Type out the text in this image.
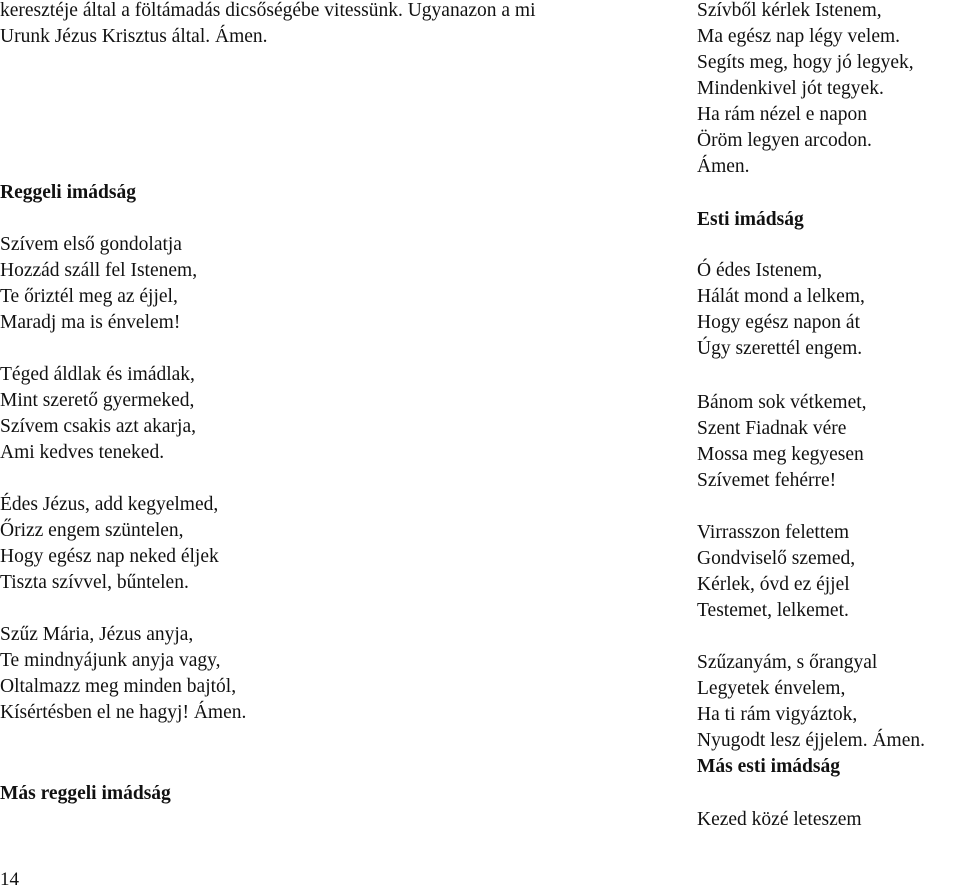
keresztéje által a föltámadás dicsőségébe vitessünk. Ugyanazon a mi
Urunk Jézus Krisztus által. Ámen.
Reggeli imádság
Szívem első gondolatja
Hozzád száll fel Istenem,
Te őriztél meg az éjjel,
Maradj ma is énvelem!
Téged áldlak és imádlak,
Mint szerető gyermeked,
Szívem csakis azt akarja,
Ami kedves teneked.
Édes Jézus, add kegyelmed,
Őrizz engem szüntelen,
Hogy egész nap neked éljek
Tiszta szívvel, bűntelen.
Szűz Mária, Jézus anyja,
Te mindnyájunk anyja vagy,
Oltalmazz meg minden bajtól,
Kísértésben el ne hagyj! Ámen.
Más reggeli imádság
Szívből kérlek Istenem,
Ma egész nap légy velem.
Segíts meg, hogy jó legyek,
Mindenkivel jót tegyek.
Ha rám nézel e napon
Öröm legyen arcodon.
Ámen.
Esti imádság
Ó édes Istenem,
Hálát mond a lelkem,
Hogy egész napon át
Úgy szerettél engem.
Bánom sok vétkemet,
Szent Fiadnak vére
Mossa meg kegyesen
Szívemet fehérre!
Virrasszon felettem
Gondviselő szemed,
Kérlek, óvd ez éjjel
Testemet, lelkemet.
Szűzanyám, s őrangyal
Legyetek énvelem,
Ha ti rám vigyáztok,
Nyugodt lesz éjjelem. Ámen.
Más esti imádság
Kezed közé leteszem
14
